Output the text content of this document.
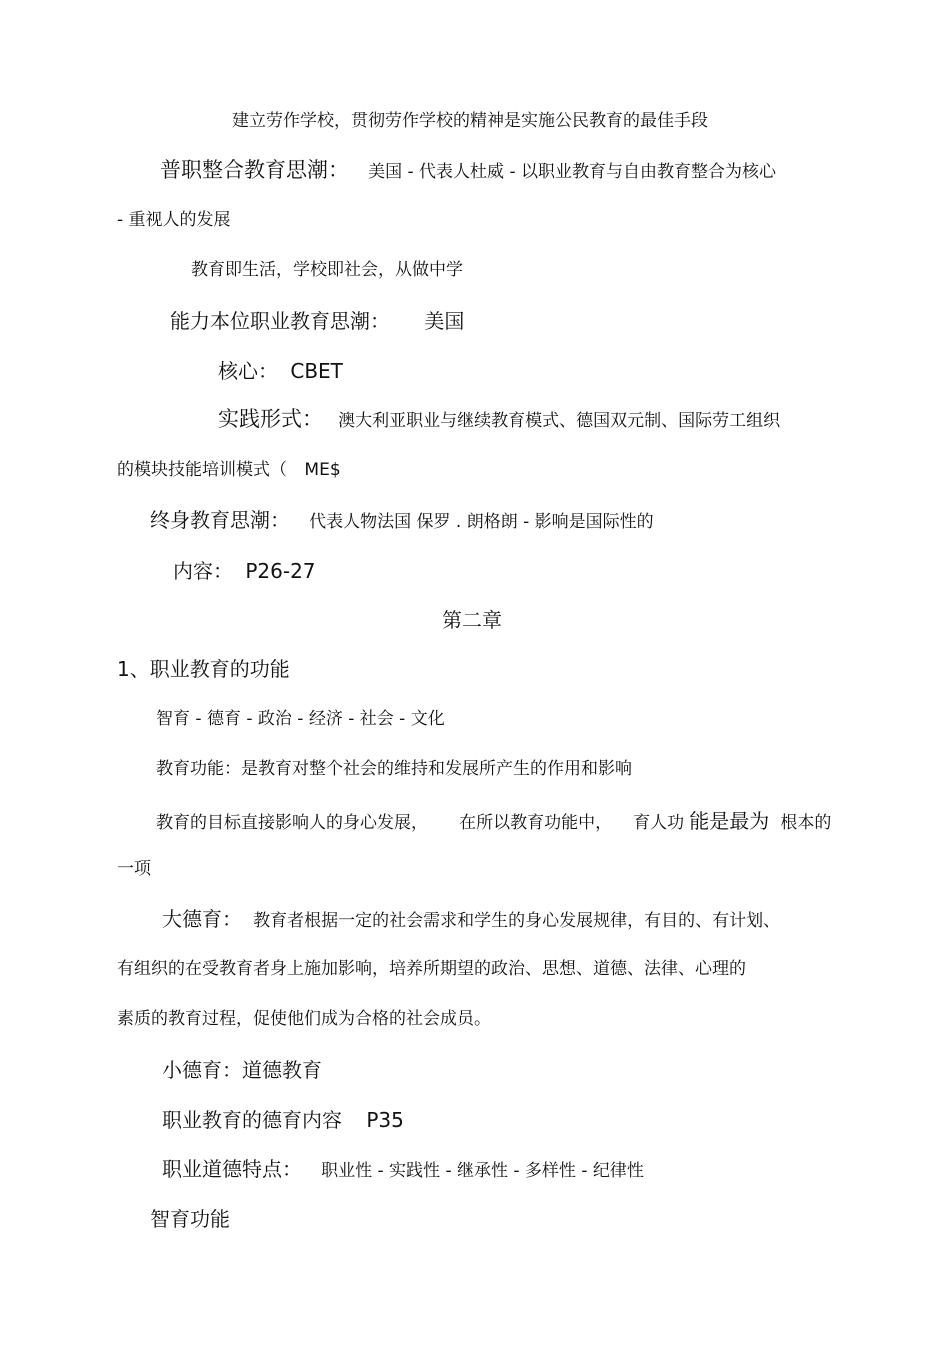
建立劳作学校，贯彻劳作学校的精神是实施公民教育的最佳手段
普职整合教育思潮： 美国 - 代表人杜威 - 以职业教育与自由教育整合为核心
- 重视人的发展
教育即生活，学校即社会，从做中学
能力本位职业教育思潮： 美国
核心： CBET
实践形式： 澳大利亚职业与继续教育模式、德国双元制、国际劳工组织
的模块技能培训模式（ ME$
终身教育思潮： 代表人物法国 保罗 . 朗格朗 - 影响是国际性的
内容： P26-27
第二章
1、职业教育的功能
智育 - 德育 - 政治 - 经济 - 社会 - 文化
教育功能：是教育对整个社会的维持和发展所产生的作用和影响
教育的目标直接影响人的身心发展， 在所以教育功能中， 育人功 能是最为 根本的
一项
大德育： 教育者根据一定的社会需求和学生的身心发展规律，有目的、有计划、
有组织的在受教育者身上施加影响，培养所期望的政治、思想、道德、法律、心理的
素质的教育过程，促使他们成为合格的社会成员。
小德育：道德教育
职业教育的德育内容 P35
职业道德特点： 职业性 - 实践性 - 继承性 - 多样性 - 纪律性
智育功能
